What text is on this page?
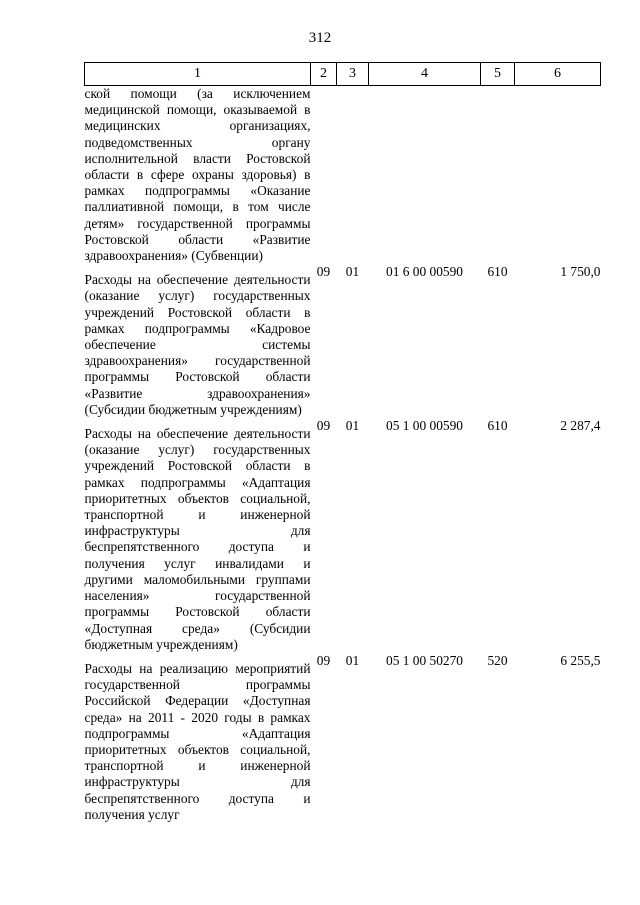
312
1	2	3	4	5	6
ской помощи (за исключением медицинской помощи, оказываемой в медицинских организациях, подведомственных органу исполнительной власти Ростовской области в сфере охраны здоровья) в рамках подпрограммы «Оказание паллиативной помощи, в том числе детям» государственной программы Ростовской области «Развитие здравоохранения» (Субвенции)					
Расходы на обеспечение деятельности (оказание услуг) государственных учреждений Ростовской области в рамках подпрограммы «Кадровое обеспечение системы здравоохранения» государственной программы Ростовской области «Развитие здравоохранения» (Субсидии бюджетным учреждениям)	09	01	01 6 00 00590	610	1 750,0
Расходы на обеспечение деятельности (оказание услуг) государственных учреждений Ростовской области в рамках подпрограммы «Адаптация приоритетных объектов социальной, транспортной и инженерной инфраструктуры для беспрепятственного доступа и получения услуг инвалидами и другими маломобильными группами населения» государственной программы Ростовской области «Доступная среда» (Субсидии бюджетным учреждениям)	09	01	05 1 00 00590	610	2 287,4
Расходы на реализацию мероприятий государственной программы Российской Федерации «Доступная среда» на 2011 - 2020 годы в рамках подпрограммы «Адаптация приоритетных объектов социальной, транспортной и инженерной инфраструктуры для беспрепятственного доступа и получения услуг	09	01	05 1 00 50270	520	6 255,5
